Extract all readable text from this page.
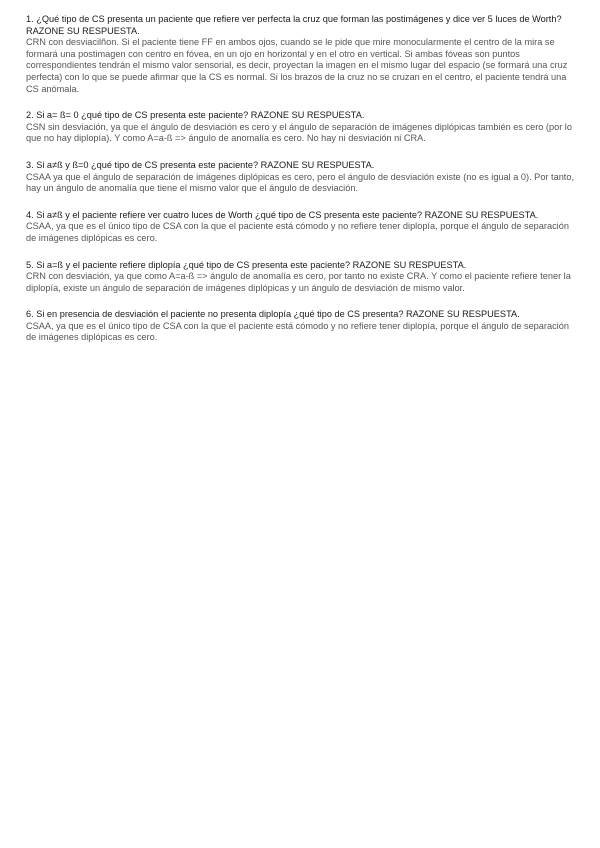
1. ¿Qué tipo de CS presenta un paciente que refiere ver perfecta la cruz que forman las postimágenes y dice ver 5 luces de Worth? RAZONE SU RESPUESTA.

CRN con desviacilñon. Si el paciente tiene FF en ambos ojos, cuando se le pide que mire monocularmente el centro de la mira se formará una postimagen con centro en fóvea, en un ojo en horizontal y en el otro en vertical. Si ambas fóveas son puntos correspondientes tendrán el mismo valor sensorial, es decir, proyectan la imagen en el mismo lugar del espacio (se formará una cruz perfecta) con lo que se puede afirmar que la CS es normal. Si los brazos de la cruz no se cruzan en el centro, el paciente tendrá una CS anómala.

2. Si a= ß= 0 ¿qué tipo de CS presenta este paciente? RAZONE SU RESPUESTA.

CSN sin desviación, ya que el ángulo de desviación es cero y el ángulo de separación de imágenes diplópicas también es cero (por lo que no hay diplopía). Y como A=a-ß => ángulo de anomalía es cero. No hay ni desviación ni CRA.

3. Si a≠ß y ß=0 ¿qué tipo de CS presenta este paciente? RAZONE SU RESPUESTA.

CSAA ya que el ángulo de separación de imágenes diplópicas es cero, pero el ángulo de desviación existe (no es igual a 0). Por tanto, hay un ángulo de anomalía que tiene el mismo valor que el ángulo de desviación.

4. Si a≠ß y el paciente refiere ver cuatro luces de Worth ¿qué tipo de CS presenta este paciente? RAZONE SU RESPUESTA.

CSAA, ya que es el único tipo de CSA con la que el paciente está cómodo y no refiere tener diplopía, porque el ángulo de separación de imágenes diplópicas es cero.

5. Si a=ß y el paciente refiere diplopía ¿qué tipo de CS presenta este paciente? RAZONE SU RESPUESTA.

CRN con desviación, ya que como A=a-ß => ángulo de anomalía es cero, por tanto no existe CRA. Y como el paciente refiere tener la diplopía, existe un ángulo de separación de imágenes diplópicas y un ángulo de desviación de mismo valor.

6. Si en presencia de desviación el paciente no presenta diplopía ¿qué tipo de CS presenta? RAZONE SU RESPUESTA.

CSAA, ya que es el único tipo de CSA con la que el paciente está cómodo y no refiere tener diplopía, porque el ángulo de separación de imágenes diplópicas es cero.
